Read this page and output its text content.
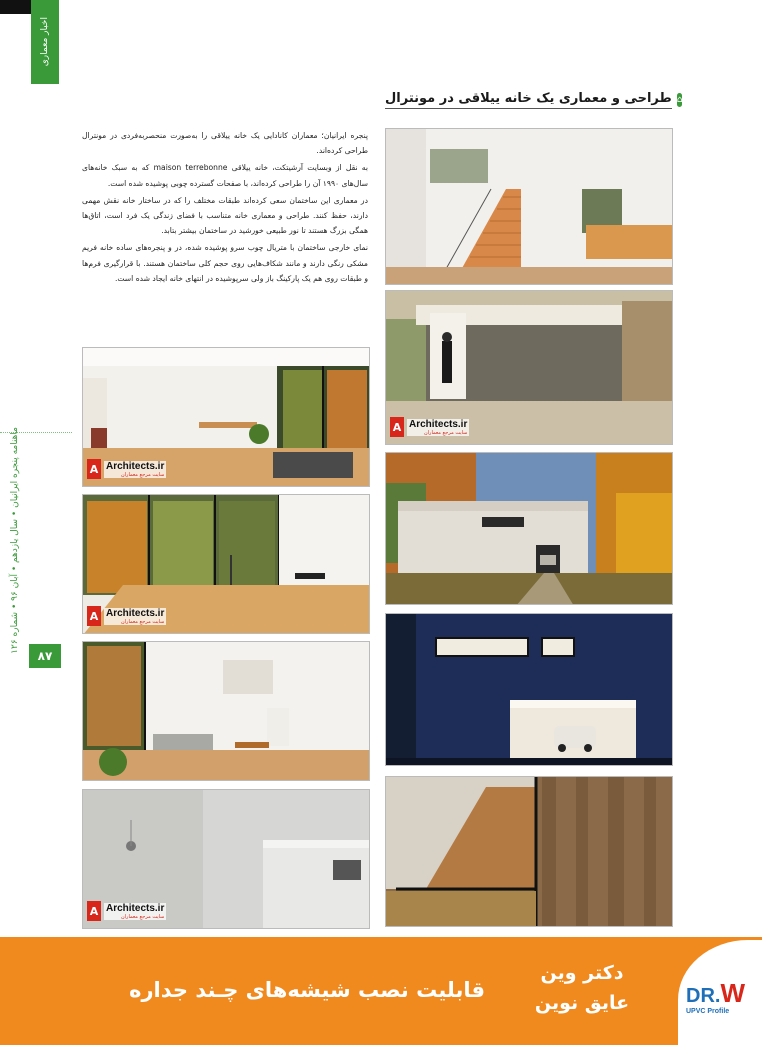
اخبار معماری
ماهنامه پنجره ایرانیان • سال یازدهم • آبان ۹۶ • شماره ۱۲۶
۸۷
⌂
طراحی و معماری یک خانه ییلاقی در مونترال

پنجره ایرانیان؛ معماران کانادایی یک خانه ییلاقی را به‌صورت منحصربه‌فردی در مونترال طراحی کرده‌اند.

به نقل از وبسایت آرشیتکت، خانه ییلاقی maison terrebonne که به سبک خانه‌های سال‌های ۱۹۹۰ آن را طراحی کرده‌اند، با صفحات گسترده چوبی پوشیده شده است.

در معماری این ساختمان سعی کرده‌اند طبقات مختلف را که در ساختار خانه نقش مهمی دارند، حفظ کنند. طراحی و معماری خانه متناسب با فضای زندگی یک فرد است، اتاق‌ها همگی بزرگ هستند تا نور طبیعی خورشید در ساختمان بیشتر بتابد.

نمای خارجی ساختمان با متریال چوب سرو پوشیده شده، در و پنجره‌های ساده خانه فریم مشکی رنگی دارند و مانند شکاف‌هایی روی حجم کلی ساختمان هستند. با قرارگیری فرم‌ها و طبقات روی هم یک پارکینگ باز ولی سرپوشیده در انتهای خانه ایجاد شده است.

A Architects.ir
سایت مرجع معماران
A Architects.ir
سایت مرجع معماران
A Architects.ir
سایت مرجع معماران
A Architects.ir
سایت مرجع معماران
قابلیت نصب شیشه‌های چـند جداره
دکتر وین
عایق نوین	DR.W
UPVC Profile
